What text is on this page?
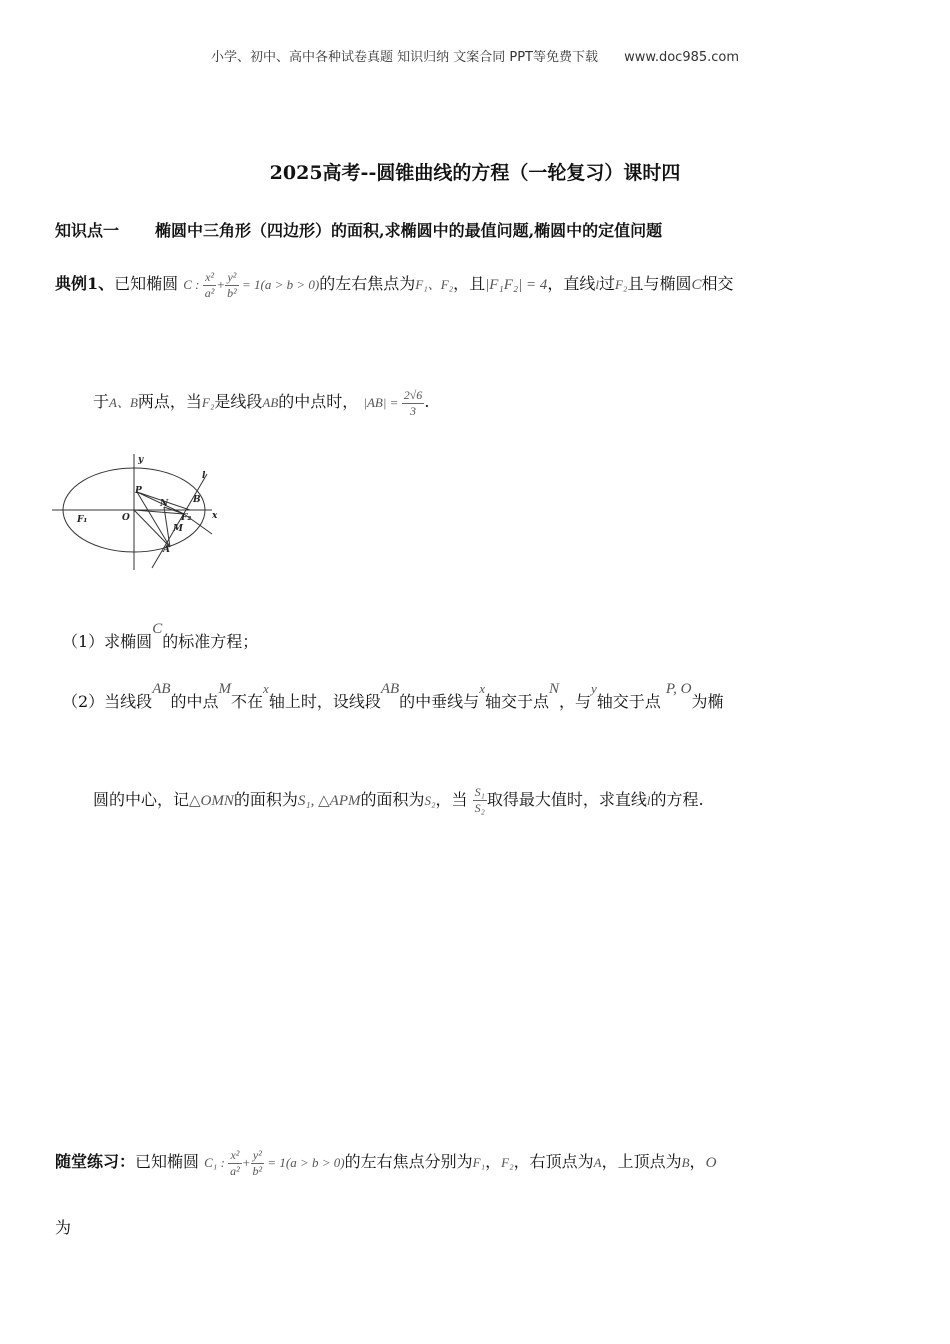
小学、初中、高中各种试卷真题 知识归纳 文案合同 PPT等免费下载 www.doc985.com
2025高考--圆锥曲线的方程（一轮复习）课时四
知识点一 椭圆中三角形（四边形）的面积,求椭圆中的最值问题,椭圆中的定值问题
典例1、已知椭圆 C : $\frac{\text{x²}}{\text{a²}} + \frac{\text{y²}}{\text{b²}} = 1(a > b > 0)$的左右焦点为F₁、F₂，且|F₁F₂| = 4，直线l过F₂且与椭圆C相交
于A、B两点，当F₂是线段AB的中点时， $|AB| = \frac{2√6}{3}$ .
y
x
l
P
N	B
F₁	O	F₂
M
A
（1）求椭圆C的标准方程；
（2）当线段AB的中点M不在x轴上时，设线段AB的中垂线与x轴交于点N，与y轴交于点 P, O为椭
圆的中心，记△OMN的面积为S₁, △APM的面积为S₂，当 $\frac{\text{S₁}}{\text{S₂}}$ 取得最大值时，求直线l的方程.
随堂练习：已知椭圆 C₁ : $\frac{\text{x²}}{\text{a²}} + \frac{\text{y²}}{\text{b²}} = 1(a > b > 0)$的左右焦点分别为F₁，F₂，右顶点为A，上顶点为B，O
为
